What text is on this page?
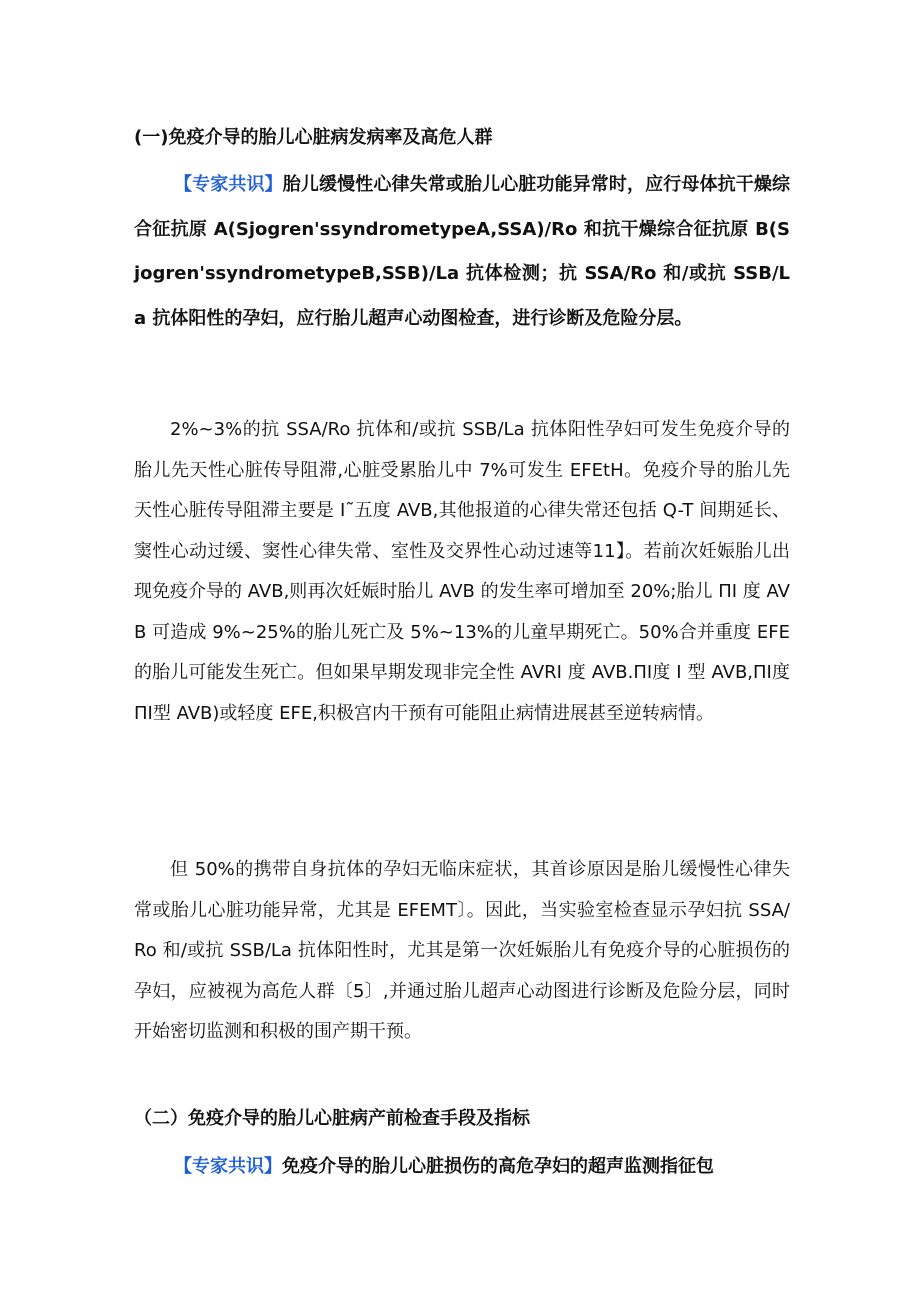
(一)免疫介导的胎儿心脏病发病率及高危人群

【专家共识】胎儿缓慢性心律失常或胎儿心脏功能异常时，应行母体抗干燥综合征抗原 A(Sjogren'ssyndrometypeA,SSA)/Ro 和抗干燥综合征抗原 B(Sjogren'ssyndrometypeB,SSB)/La 抗体检测；抗 SSA/Ro 和/或抗 SSB/La 抗体阳性的孕妇，应行胎儿超声心动图检查，进行诊断及危险分层。

2%~3%的抗 SSA/Ro 抗体和/或抗 SSB/La 抗体阳性孕妇可发生免疫介导的胎儿先天性心脏传导阻滞,心脏受累胎儿中 7%可发生 EFEtH。免疫介导的胎儿先天性心脏传导阻滞主要是 I˜五度 AVB,其他报道的心律失常还包括 Q-T 间期延长、窦性心动过缓、窦性心律失常、室性及交界性心动过速等11】。若前次妊娠胎儿出现免疫介导的 AVB,则再次妊娠时胎儿 AVB 的发生率可增加至 20%;胎儿 ΠI 度 AVB 可造成 9%~25%的胎儿死亡及 5%~13%的儿童早期死亡。50%合并重度 EFE 的胎儿可能发生死亡。但如果早期发现非完全性 AVRI 度 AVB.ΠI度 I 型 AVB,ΠI度ΠI型 AVB)或轻度 EFE,积极宫内干预有可能阻止病情进展甚至逆转病情。

但 50%的携带自身抗体的孕妇无临床症状，其首诊原因是胎儿缓慢性心律失常或胎儿心脏功能异常，尤其是 EFEMT〕。因此，当实验室检查显示孕妇抗 SSA/Ro 和/或抗 SSB/La 抗体阳性时，尤其是第一次妊娠胎儿有免疫介导的心脏损伤的孕妇，应被视为高危人群〔5〕,并通过胎儿超声心动图进行诊断及危险分层，同时开始密切监测和积极的围产期干预。

（二）免疫介导的胎儿心脏病产前检查手段及指标

【专家共识】免疫介导的胎儿心脏损伤的高危孕妇的超声监测指征包
